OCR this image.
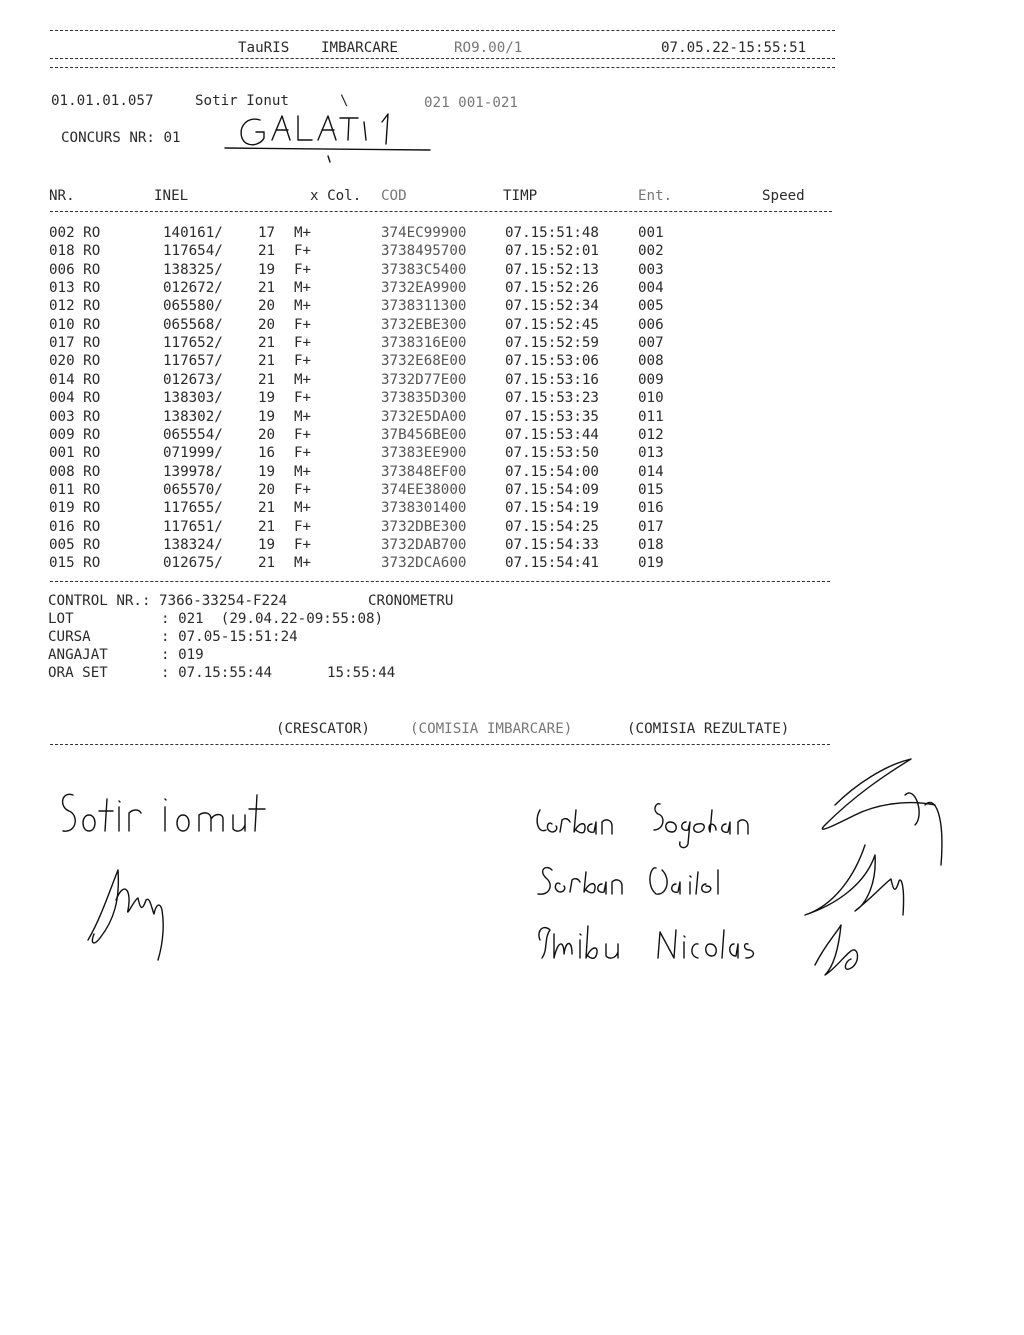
TauRIS IMBARCARE	RO9.00/1	07.05.22-15:55:51
01.01.01.057	Sotir Ionut	\	021 001-021
CONCURS NR: 01
NR.	INEL	x Col. COD	TIMP	Ent.	Speed
002 RO	140161/ 17 M+	374EC99900	07.15:51:48	001
018 RO	117654/ 21 F+	3738495700	07.15:52:01	002
006 RO	138325/ 19 F+	37383C5400	07.15:52:13	003
013 RO	012672/ 21 M+	3732EA9900	07.15:52:26	004
012 RO	065580/ 20 M+	3738311300	07.15:52:34	005
010 RO	065568/ 20 F+	3732EBE300	07.15:52:45	006
017 RO	117652/ 21 F+	3738316E00	07.15:52:59	007
020 RO	117657/ 21 F+	3732E68E00	07.15:53:06	008
014 RO	012673/ 21 M+	3732D77E00	07.15:53:16	009
004 RO	138303/ 19 F+	373835D300	07.15:53:23	010
003 RO	138302/ 19 M+	3732E5DA00	07.15:53:35	011
009 RO	065554/ 20 F+	37B456BE00	07.15:53:44	012
001 RO	071999/ 16 F+	37383EE900	07.15:53:50	013
008 RO	139978/ 19 M+	373848EF00	07.15:54:00	014
011 RO	065570/ 20 F+	374EE38000	07.15:54:09	015
019 RO	117655/ 21 M+	3738301400	07.15:54:19	016
016 RO	117651/ 21 F+	3732DBE300	07.15:54:25	017
005 RO	138324/ 19 F+	3732DAB700	07.15:54:33	018
015 RO	012675/ 21 M+	3732DCA600	07.15:54:41	019
CONTROL NR.: 7366-33254-F224	CRONOMETRU
LOT	: 021  (29.04.22-09:55:08)
CURSA	: 07.05-15:51:24
ANGAJAT	: 019
ORA SET	: 07.15:55:44	15:55:44
(CRESCATOR)	(COMISIA IMBARCARE)	(COMISIA REZULTATE)
